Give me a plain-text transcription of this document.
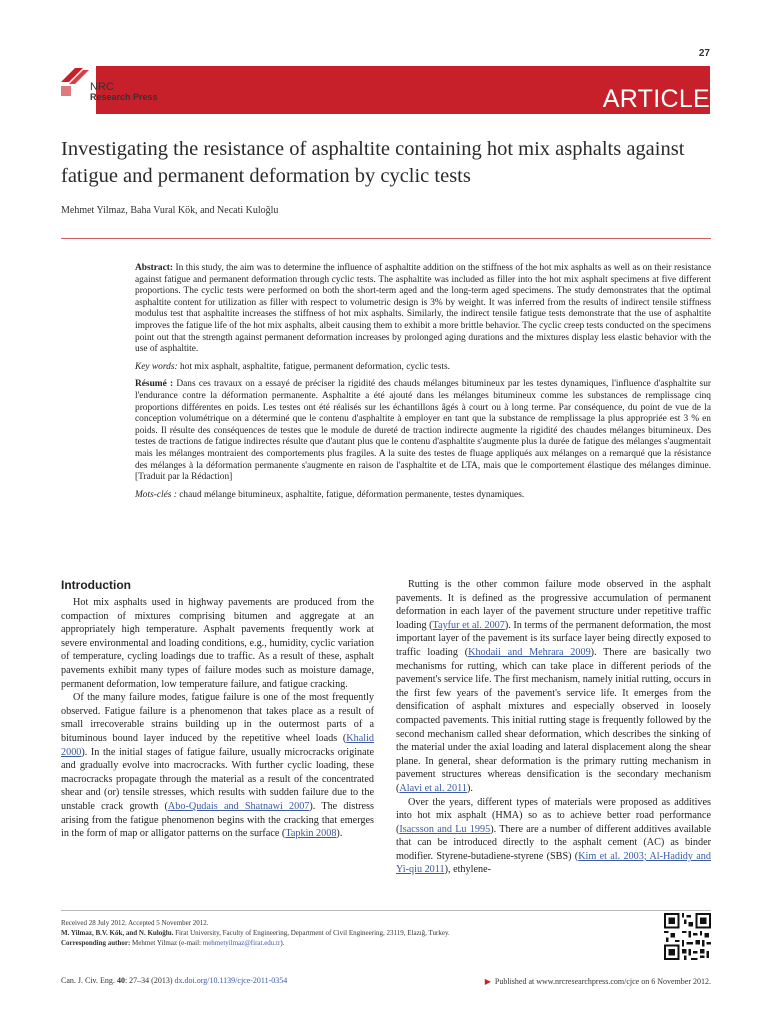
27
NRC
Research Press	ARTICLE
Investigating the resistance of asphaltite containing hot mix asphalts against fatigue and permanent deformation by cyclic tests
Mehmet Yilmaz, Baha Vural Kök, and Necati Kuloğlu

Abstract: In this study, the aim was to determine the influence of asphaltite addition on the stiffness of the hot mix asphalts as well as on their resistance against fatigue and permanent deformation through cyclic tests. The asphaltite was included as filler into the hot mix asphalt specimens at five different proportions. The cyclic tests were performed on both the short-term aged and the long-term aged specimens. The study demonstrates that the optimal asphaltite content for utilization as filler with respect to volumetric design is 3% by weight. It was inferred from the results of indirect tensile stiffness modulus test that asphaltite increases the stiffness of hot mix asphalts. Similarly, the indirect tensile fatigue tests demonstrate that the use of asphaltite improves the fatigue life of the hot mix asphalts, albeit causing them to exhibit a more brittle behavior. The cyclic creep tests conducted on the specimens point out that the strength against permanent deformation increases by prolonged aging durations and the mixtures display less elastic behavior with the use of asphaltite.

Key words: hot mix asphalt, asphaltite, fatigue, permanent deformation, cyclic tests.

Résumé : Dans ces travaux on a essayé de préciser la rigidité des chauds mélanges bitumineux par les testes dynamiques, l'influence d'asphaltite sur l'endurance contre la déformation permanente. Asphaltite a été ajouté dans les mélanges bitumineux comme les substances de remplissage cinq proportions différentes en poids. Les testes ont été réalisés sur les échantillons âgés à court ou à long terme. Par conséquence, du point de vue de la conception volumétrique on a déterminé que le contenu d'asphaltite à employer en tant que la substance de remplissage la plus appropriée est 3 % en poids. Il résulte des conséquences de testes que le module de dureté de traction indirecte augmente la rigidité des chaudes mélanges bitumineux. Des testes de tractions de fatigue indirectes résulte que d'autant plus que le contenu d'asphaltite s'augmente plus la durée de fatigue des mélanges s'augmentait mais les mélanges montraient des comportements plus fragiles. A la suite des testes de fluage appliqués aux mélanges on a remarqué que la résistance des mélanges à la déformation permanente s'augmente en raison de l'asphaltite et de LTA, mais que le comportement élastique des mélanges diminue. [Traduit par la Rédaction]

Mots-clés : chaud mélange bitumineux, asphaltite, fatigue, déformation permanente, testes dynamiques.

Introduction

Hot mix asphalts used in highway pavements are produced from the compaction of mixtures comprising bitumen and aggregate at an appropriately high temperature. Asphalt pavements frequently work at severe environmental and loading conditions, e.g., humidity, cyclic variation of temperature, cycling loadings due to traffic. As a result of these, asphalt pavements exhibit many types of failure modes such as moisture damage, permanent deformation, low temperature failure, and fatigue cracking.

Of the many failure modes, fatigue failure is one of the most frequently observed. Fatigue failure is a phenomenon that takes place as a result of small irrecoverable strains building up in the outermost parts of a bituminous bound layer induced by the repetitive wheel loads (Khalid 2000). In the initial stages of fatigue failure, usually microcracks originate and gradually evolve into macrocracks. With further cyclic loading, these macrocracks propagate through the material as a result of the concentrated shear and (or) tensile stresses, which results with sudden failure due to the unstable crack growth (Abo-Qudais and Shatnawi 2007). The distress arising from the fatigue phenomenon begins with the cracking that emerges in the form of map or alligator patterns on the surface (Tapkin 2008).

Rutting is the other common failure mode observed in the asphalt pavements. It is defined as the progressive accumulation of permanent deformation in each layer of the pavement structure under repetitive traffic loading (Tayfur et al. 2007). In terms of the permanent deformation, the most important layer of the pavement is its surface layer being directly exposed to traffic loading (Khodaii and Mehrara 2009). There are basically two mechanisms for rutting, which can take place in different periods of the pavement's service life. The first mechanism, namely initial rutting, occurs in the first few years of the pavement's service life. It emerges from the densification of asphalt mixtures and especially observed in loosely compacted pavements. This initial rutting stage is frequently followed by the second mechanism called shear deformation, which describes the sinking of the material under the axial loading and lateral displacement along the shear plane. In general, shear deformation is the primary rutting mechanism in pavement structures whereas densification is the secondary mechanism (Alavi et al. 2011).

Over the years, different types of materials were proposed as additives into hot mix asphalt (HMA) so as to achieve better road performance (Isacsson and Lu 1995). There are a number of different additives available that can be introduced directly to the asphalt cement (AC) as binder modifier. Styrene-butadiene-styrene (SBS) (Kim et al. 2003; Al-Hadidy and Yi-qiu 2011), ethylene-

Received 28 July 2012. Accepted 5 November 2012.
M. Yilmaz, B.V. Kök, and N. Kuloğlu. Firat University, Faculty of Engineering, Department of Civil Engineering, 23119, Elazığ, Turkey.
Corresponding author: Mehmet Yilmaz (e-mail: mehmetyilmaz@firat.edu.tr).
Can. J. Civ. Eng. 40: 27–34 (2013) dx.doi.org/10.1139/cjce-2011-0354	▶ Published at www.nrcresearchpress.com/cjce on 6 November 2012.
